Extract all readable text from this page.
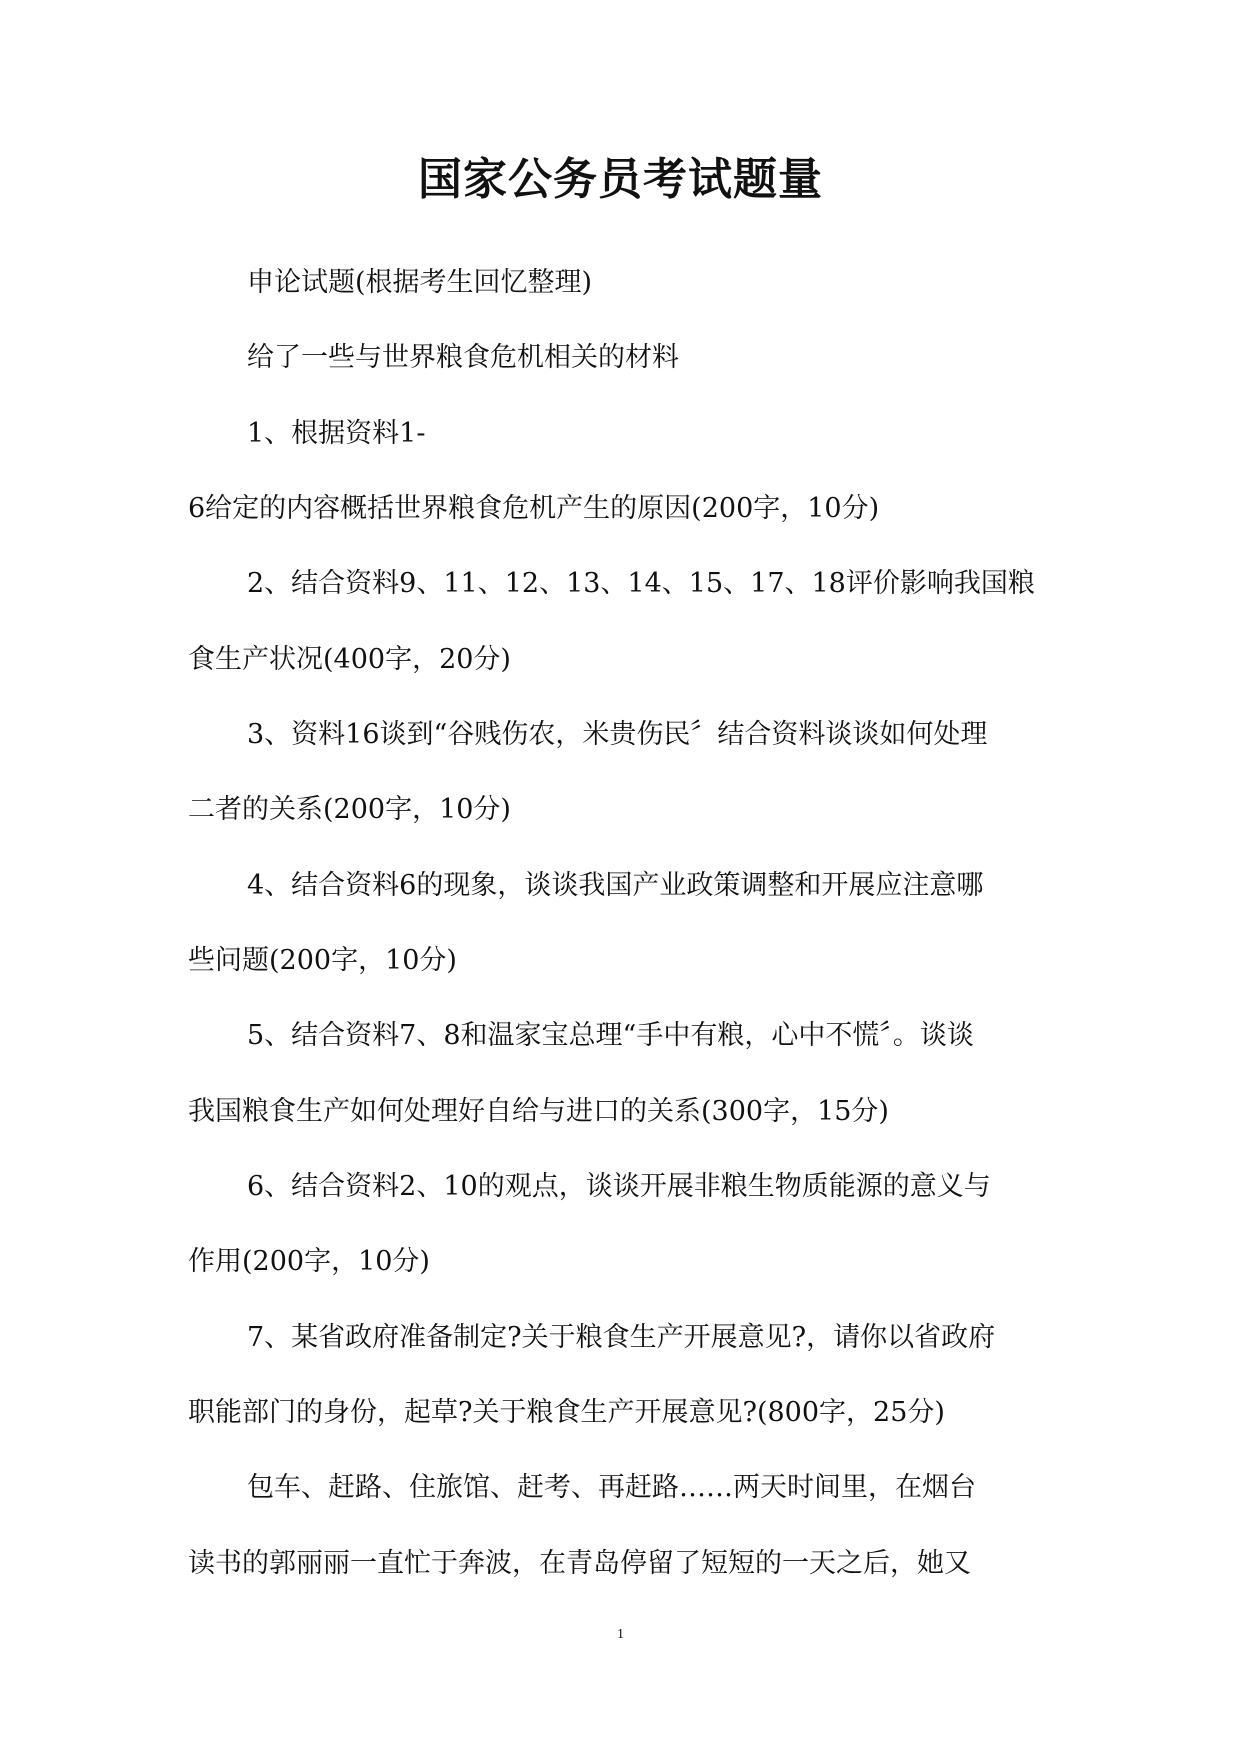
国家公务员考试题量

申论试题(根据考生回忆整理)

给了一些与世界粮食危机相关的材料

1、根据资料1-

6给定的内容概括世界粮食危机产生的原因(200字，10分)

2、结合资料9、11、12、13、14、15、17、18评价影响我国粮

食生产状况(400字，20分)

3、资料16谈到“谷贱伤农，米贵伤民〞结合资料谈谈如何处理

二者的关系(200字，10分)

4、结合资料6的现象，谈谈我国产业政策调整和开展应注意哪

些问题(200字，10分)

5、结合资料7、8和温家宝总理“手中有粮，心中不慌〞。谈谈

我国粮食生产如何处理好自给与进口的关系(300字，15分)

6、结合资料2、10的观点，谈谈开展非粮生物质能源的意义与

作用(200字，10分)

7、某省政府准备制定?关于粮食生产开展意见?，请你以省政府

职能部门的身份，起草?关于粮食生产开展意见?(800字，25分)

包车、赶路、住旅馆、赶考、再赶路……两天时间里，在烟台

读书的郭丽丽一直忙于奔波，在青岛停留了短短的一天之后，她又

1
